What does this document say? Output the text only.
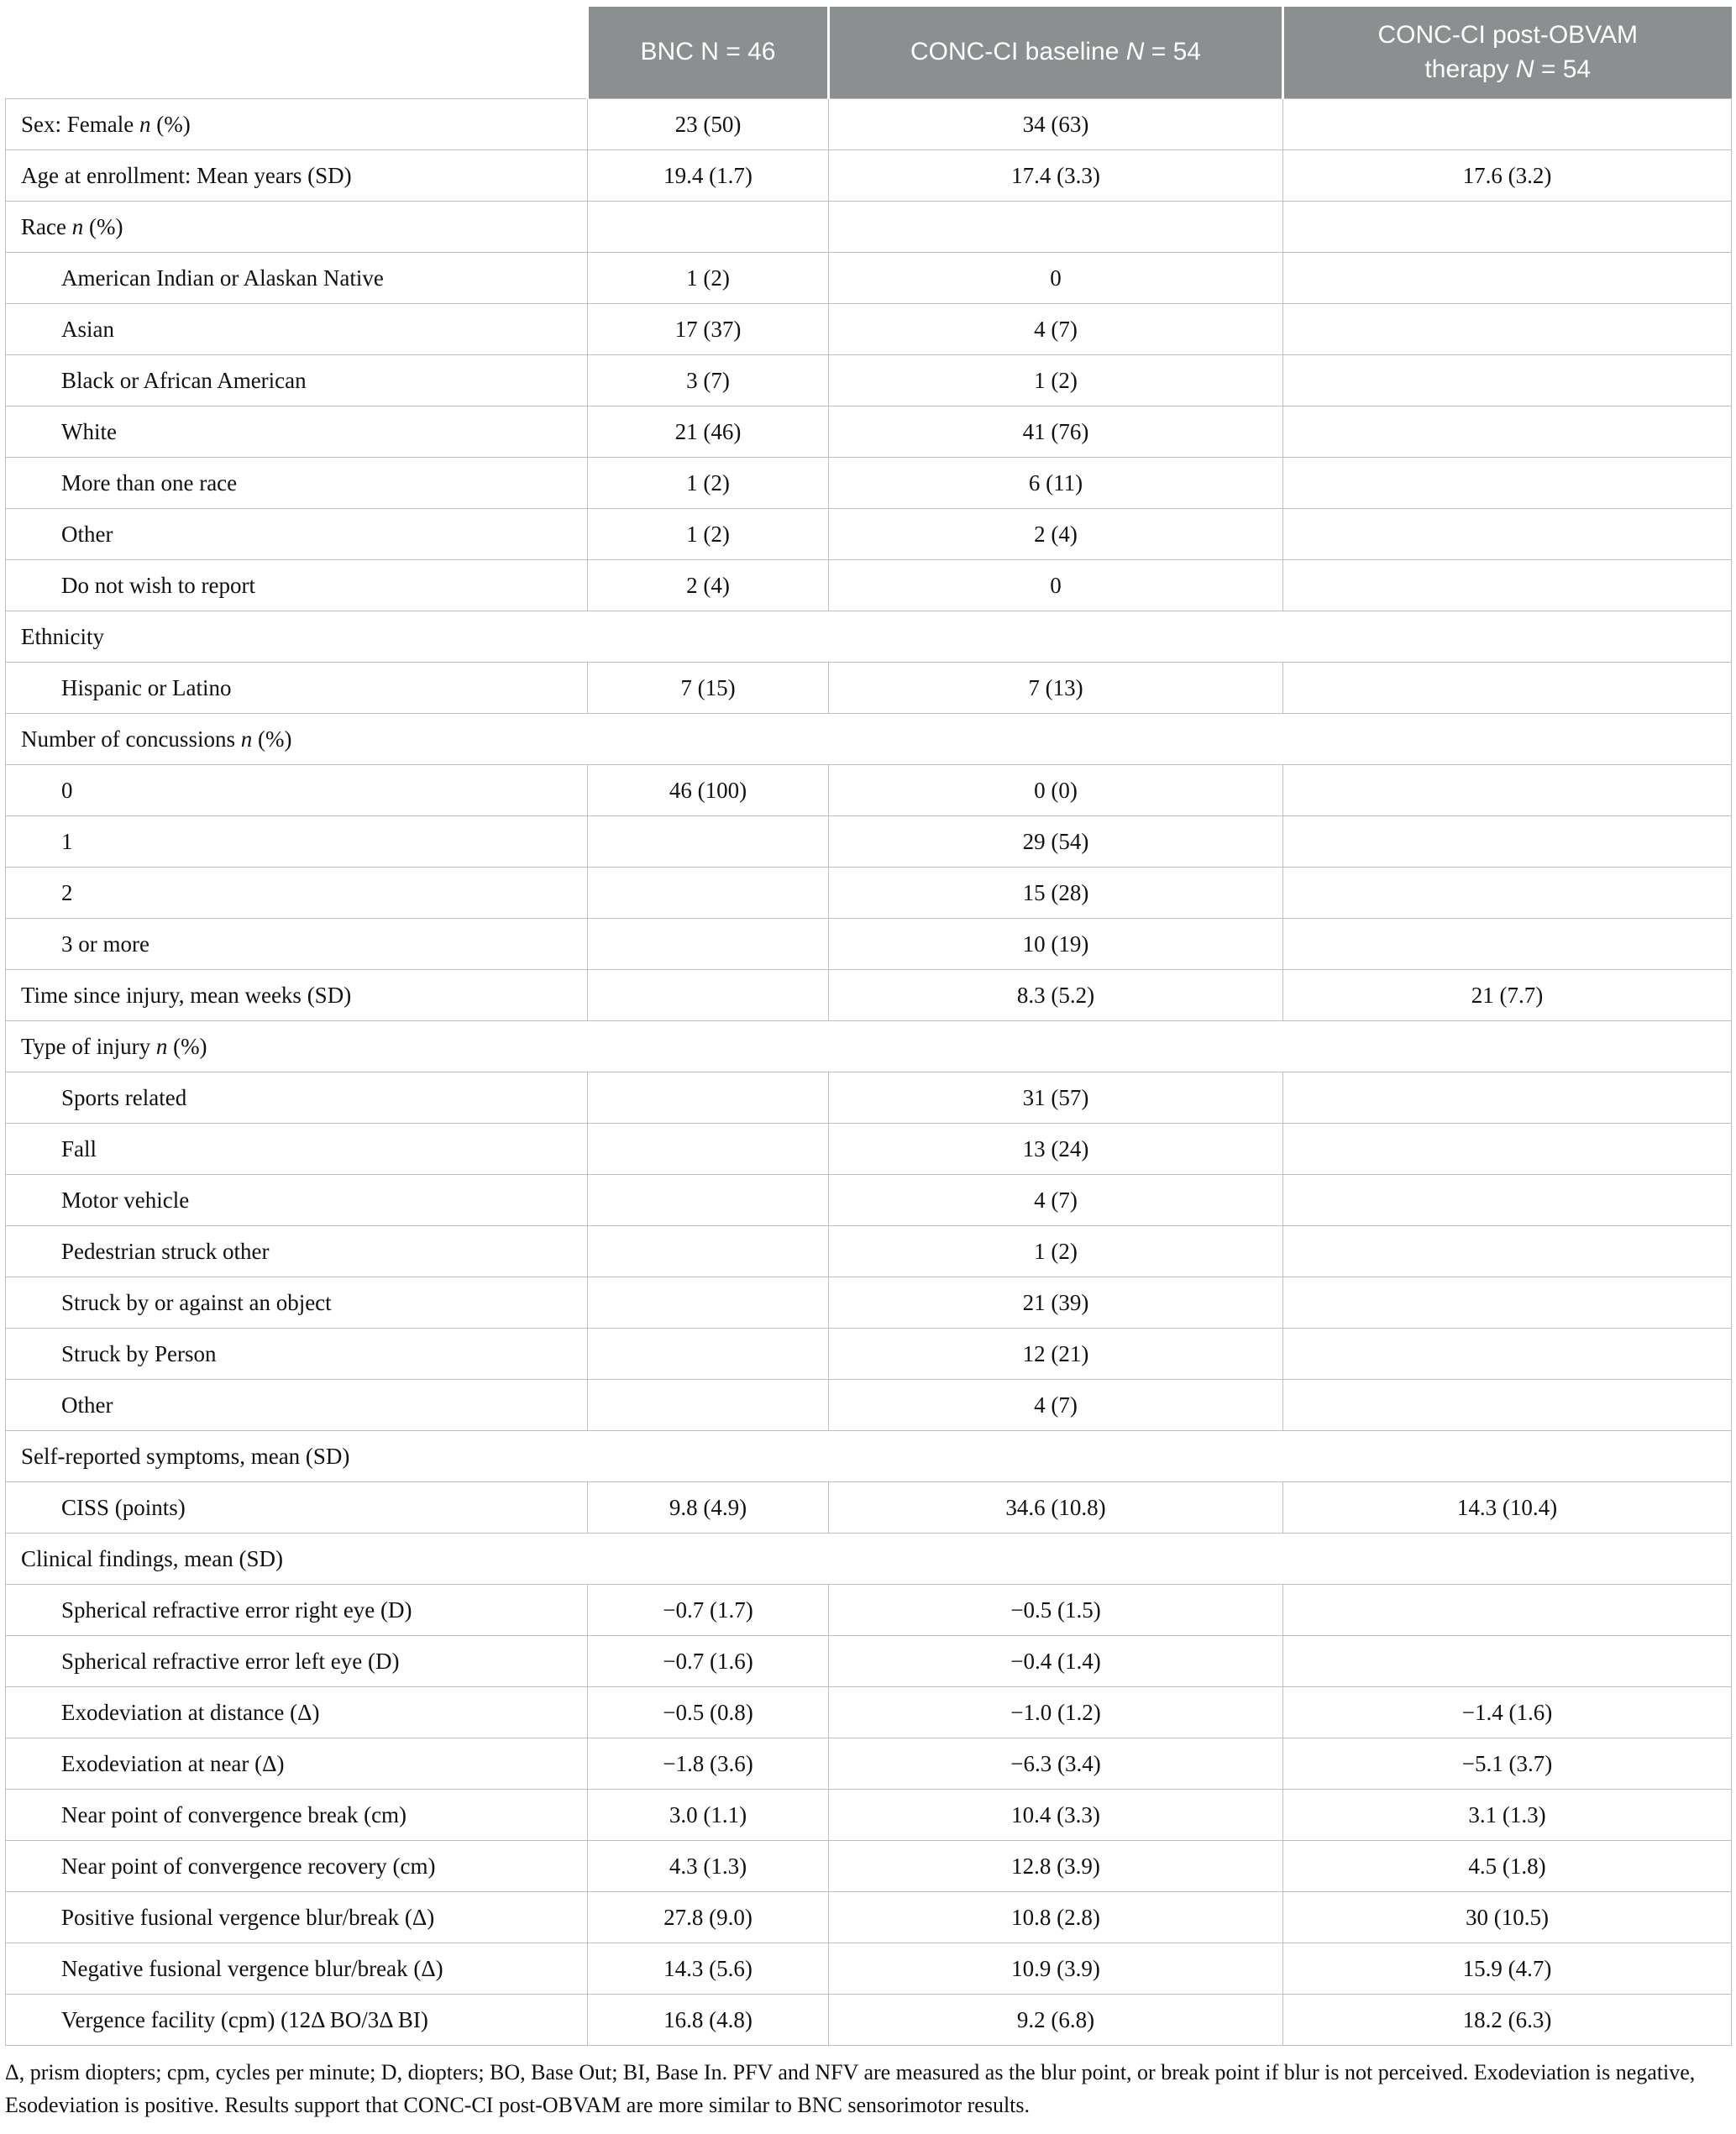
	BNC N = 46	CONC-CI baseline N = 54	CONC-CI post-OBVAM
therapy N = 54
Sex: Female n (%)	23 (50)	34 (63)	
Age at enrollment: Mean years (SD)	19.4 (1.7)	17.4 (3.3)	17.6 (3.2)
Race n (%)			
American Indian or Alaskan Native	1 (2)	0	
Asian	17 (37)	4 (7)	
Black or African American	3 (7)	1 (2)	
White	21 (46)	41 (76)	
More than one race	1 (2)	6 (11)	
Other	1 (2)	2 (4)	
Do not wish to report	2 (4)	0	
Ethnicity			
Hispanic or Latino	7 (15)	7 (13)	
Number of concussions n (%)			
0	46 (100)	0 (0)	
1		29 (54)	
2		15 (28)	
3 or more		10 (19)	
Time since injury, mean weeks (SD)		8.3 (5.2)	21 (7.7)
Type of injury n (%)			
Sports related		31 (57)	
Fall		13 (24)	
Motor vehicle		4 (7)	
Pedestrian struck other		1 (2)	
Struck by or against an object		21 (39)	
Struck by Person		12 (21)	
Other		4 (7)	
Self-reported symptoms, mean (SD)			
CISS (points)	9.8 (4.9)	34.6 (10.8)	14.3 (10.4)
Clinical findings, mean (SD)			
Spherical refractive error right eye (D)	−0.7 (1.7)	−0.5 (1.5)	
Spherical refractive error left eye (D)	−0.7 (1.6)	−0.4 (1.4)	
Exodeviation at distance (Δ)	−0.5 (0.8)	−1.0 (1.2)	−1.4 (1.6)
Exodeviation at near (Δ)	−1.8 (3.6)	−6.3 (3.4)	−5.1 (3.7)
Near point of convergence break (cm)	3.0 (1.1)	10.4 (3.3)	3.1 (1.3)
Near point of convergence recovery (cm)	4.3 (1.3)	12.8 (3.9)	4.5 (1.8)
Positive fusional vergence blur/break (Δ)	27.8 (9.0)	10.8 (2.8)	30 (10.5)
Negative fusional vergence blur/break (Δ)	14.3 (5.6)	10.9 (3.9)	15.9 (4.7)
Vergence facility (cpm) (12Δ BO/3Δ BI)	16.8 (4.8)	9.2 (6.8)	18.2 (6.3)

Δ, prism diopters; cpm, cycles per minute; D, diopters; BO, Base Out; BI, Base In. PFV and NFV are measured as the blur point, or break point if blur is not perceived. Exodeviation is negative, Esodeviation is positive. Results support that CONC-CI post-OBVAM are more similar to BNC sensorimotor results.
